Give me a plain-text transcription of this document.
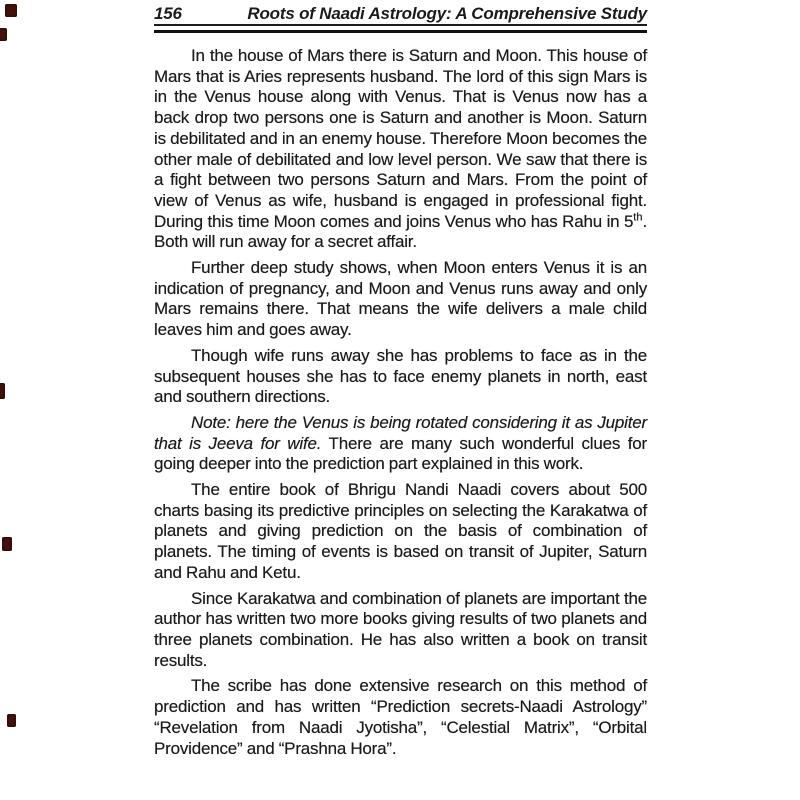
156	Roots of Naadi Astrology: A Comprehensive Study

In the house of Mars there is Saturn and Moon. This house of Mars that is Aries represents husband. The lord of this sign Mars is in the Venus house along with Venus. That is Venus now has a back drop two persons one is Saturn and another is Moon. Saturn is debilitated and in an enemy house. Therefore Moon becomes the other male of debilitated and low level person. We saw that there is a fight between two persons Saturn and Mars. From the point of view of Venus as wife, husband is engaged in professional fight. During this time Moon comes and joins Venus who has Rahu in 5th. Both will run away for a secret affair.

Further deep study shows, when Moon enters Venus it is an indication of pregnancy, and Moon and Venus runs away and only Mars remains there. That means the wife delivers a male child leaves him and goes away.

Though wife runs away she has problems to face as in the subsequent houses she has to face enemy planets in north, east and southern directions.

Note: here the Venus is being rotated considering it as Jupiter that is Jeeva for wife. There are many such wonderful clues for going deeper into the prediction part explained in this work.

The entire book of Bhrigu Nandi Naadi covers about 500 charts basing its predictive principles on selecting the Karakatwa of planets and giving prediction on the basis of combination of planets. The timing of events is based on transit of Jupiter, Saturn and Rahu and Ketu.

Since Karakatwa and combination of planets are important the author has written two more books giving results of two planets and three planets combination. He has also written a book on transit results.

The scribe has done extensive research on this method of prediction and has written “Prediction secrets-Naadi Astrology” “Revelation from Naadi Jyotisha”, “Celestial Matrix”, “Orbital Providence” and “Prashna Hora”.
